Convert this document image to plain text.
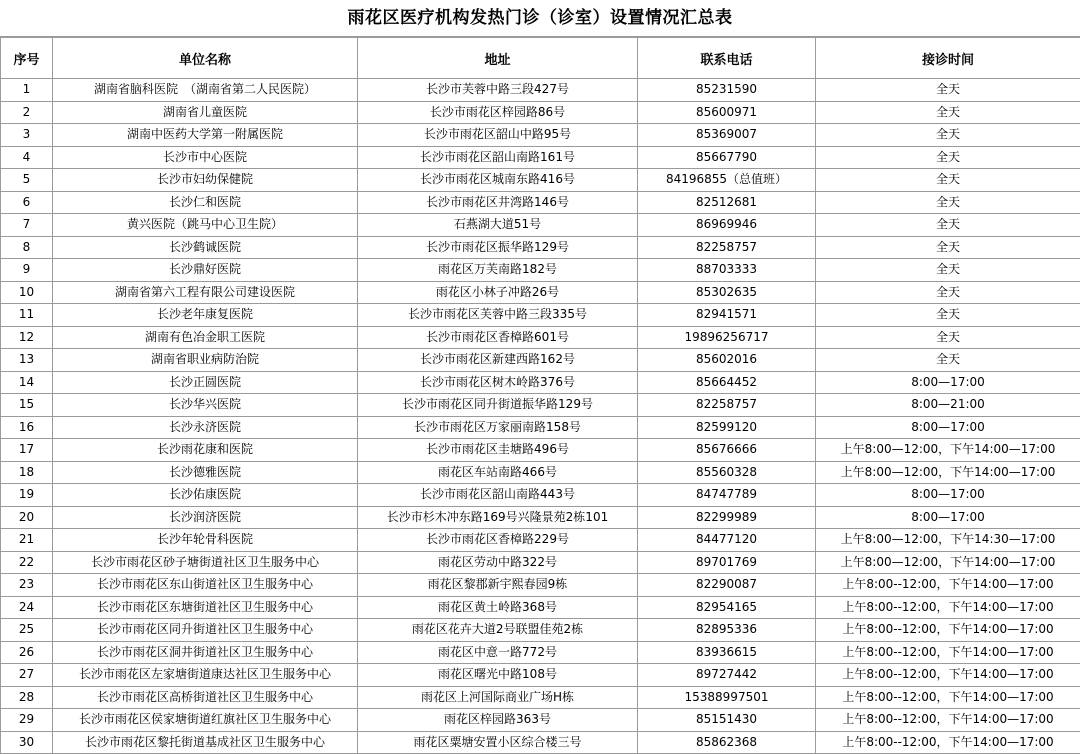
雨花区医疗机构发热门诊（诊室）设置情况汇总表
序号	单位名称	地址	联系电话	接诊时间
1	湖南省脑科医院　（湖南省第二人民医院）	长沙市芙蓉中路三段427号	85231590	全天
2	湖南省儿童医院	长沙市雨花区梓园路86号	85600971	全天
3	湖南中医药大学第一附属医院	长沙市雨花区韶山中路95号	85369007	全天
4	长沙市中心医院	长沙市雨花区韶山南路161号	85667790	全天
5	长沙市妇幼保健院	长沙市雨花区城南东路416号	84196855（总值班）	全天
6	长沙仁和医院	长沙市雨花区井湾路146号	82512681	全天
7	黄兴医院（跳马中心卫生院）	石燕湖大道51号	86969946	全天
8	长沙鹤诚医院	长沙市雨花区振华路129号	82258757	全天
9	长沙鼎好医院	雨花区万芙南路182号	88703333	全天
10	湖南省第六工程有限公司建设医院	雨花区小林子冲路26号	85302635	全天
11	长沙老年康复医院	长沙市雨花区芙蓉中路三段335号	82941571	全天
12	湖南有色冶金职工医院	长沙市雨花区香樟路601号	19896256717	全天
13	湖南省职业病防治院	长沙市雨花区新建西路162号	85602016	全天
14	长沙正圆医院	长沙市雨花区树木岭路376号	85664452	8:00—17:00
15	长沙华兴医院	长沙市雨花区同升街道振华路129号	82258757	8:00—21:00
16	长沙永济医院	长沙市雨花区万家丽南路158号	82599120	8:00—17:00
17	长沙雨花康和医院	长沙市雨花区圭塘路496号	85676666	上午8:00—12:00，下午14:00—17:00
18	长沙德雅医院	雨花区车站南路466号	85560328	上午8:00—12:00，下午14:00—17:00
19	长沙佑康医院	长沙市雨花区韶山南路443号	84747789	8:00—17:00
20	长沙润济医院	长沙市杉木冲东路169号兴隆景苑2栋101	82299989	8:00—17:00
21	长沙年轮骨科医院	长沙市雨花区香樟路229号	84477120	上午8:00—12:00，下午14:30—17:00
22	长沙市雨花区砂子塘街道社区卫生服务中心	雨花区劳动中路322号	89701769	上午8:00—12:00，下午14:00—17:00
23	长沙市雨花区东山街道社区卫生服务中心	雨花区黎郡新宇熙春园9栋	82290087	上午8:00--12:00，下午14:00—17:00
24	长沙市雨花区东塘街道社区卫生服务中心	雨花区黄土岭路368号	82954165	上午8:00--12:00，下午14:00—17:00
25	长沙市雨花区同升街道社区卫生服务中心	雨花区花卉大道2号联盟佳苑2栋	82895336	上午8:00--12:00，下午14:00—17:00
26	长沙市雨花区洞井街道社区卫生服务中心	雨花区中意一路772号	83936615	上午8:00--12:00，下午14:00—17:00
27	长沙市雨花区左家塘街道康达社区卫生服务中心	雨花区曙光中路108号	89727442	上午8:00--12:00，下午14:00—17:00
28	长沙市雨花区高桥街道社区卫生服务中心	雨花区上河国际商业广场H栋	15388997501	上午8:00--12:00，下午14:00—17:00
29	长沙市雨花区侯家塘街道红旗社区卫生服务中心	雨花区梓园路363号	85151430	上午8:00--12:00，下午14:00—17:00
30	长沙市雨花区黎托街道基成社区卫生服务中心	雨花区粟塘安置小区综合楼三号	85862368	上午8:00--12:00，下午14:00—17:00
